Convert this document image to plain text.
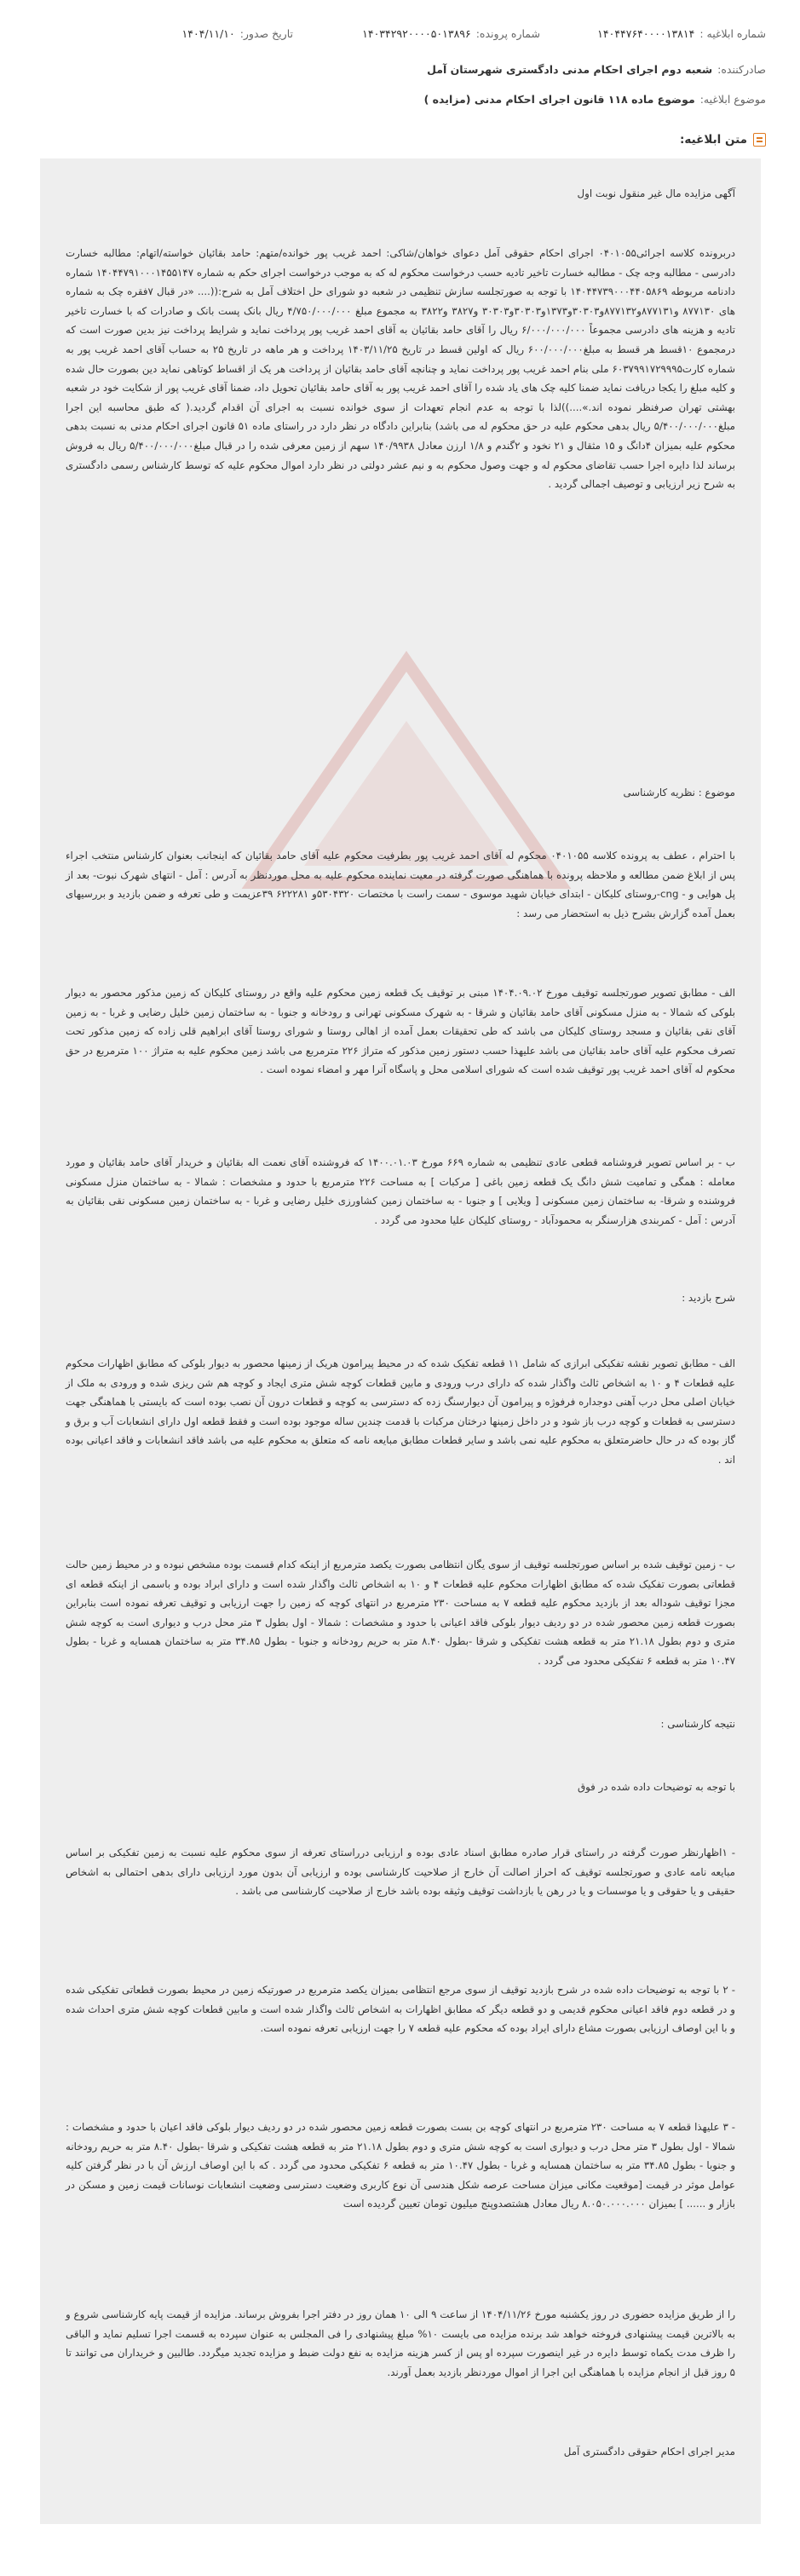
شماره ابلاغیه :
۱۴۰۴۴۷۶۴۰۰۰۰۱۳۸۱۴
شماره پرونده:
۱۴۰۳۴۲۹۲۰۰۰۰۵۰۱۳۸۹۶
تاریخ صدور:
۱۴۰۴/۱۱/۱۰
صادرکننده:
شعبه دوم اجرای احکام مدنی دادگستری شهرستان آمل
موضوع ابلاغیه:
موضوع ماده ۱۱۸ قانون اجرای احکام مدنی (مزایده )
متن ابلاغیه:
آگهی مزایده مال غیر منقول نوبت اول
دربرونده کلاسه اجرائی۰۴۰۱۰۵۵ اجرای احکام حقوقی آمل دعوای خواهان/شاکی: احمد غریب پور خوانده/متهم: حامد بقائیان خواسته/اتهام: مطالبه خسارت دادرسی - مطالبه وجه چک - مطالبه خسارت تاخیر تادیه حسب درخواست محکوم له که به موجب درخواست اجرای حکم به شماره ۱۴۰۴۴۷۹۱۰۰۰۱۴۵۵۱۴۷ شماره دادنامه مربوطه ۱۴۰۴۴۷۳۹۰۰۰۴۴۰۵۸۶۹ با توجه به صورتجلسه سازش تنظیمی در شعبه دو شورای حل اختلاف آمل به شرح:((.... «در قبال ۷فقره چک به شماره های ۸۷۷۱۳۰ و۸۷۷۱۳۱و۸۷۷۱۳۲و۳۰۳۰۳و۱۳۷۳و۳۰۳۰۳و۳۰۳۰۳ و۳۸۲۷ و۳۸۲۲ به مجموع مبلغ ۴/۷۵۰/۰۰۰/۰۰۰ ریال بانک پست بانک و صادرات که با خسارت تاخیر تادیه و هزینه های دادرسی مجموعاً ۶/۰۰۰/۰۰۰/۰۰۰ ریال را آقای حامد بقائیان به آقای احمد غریب پور پرداخت نماید و شرایط پرداخت نیز بدین صورت است که درمجموع ۱۰قسط هر قسط به مبلغ۶۰۰/۰۰۰/۰۰۰ ریال که اولین قسط در تاریخ ۱۴۰۳/۱۱/۲۵ پرداخت و هر ماهه در تاریخ ۲۵ به حساب آقای احمد غریب پور به شماره کارت۶۰۳۷۹۹۱۷۲۹۹۹۵ ملی بنام احمد غریب پور پرداخت نماید و چنانچه آقای حامد بقائیان از پرداخت هر یک از اقساط کوتاهی نماید دین بصورت حال شده و کلیه مبلغ را یکجا دریافت نماید ضمنا کلیه چک های یاد شده را آقای احمد غریب پور به آقای حامد بقائیان تحویل داد، ضمنا آقای غریب پور از شکایت خود در شعبه بهشتی تهران صرفنظر نموده اند.»....))لذا با توجه به عدم انجام تعهدات از سوی خوانده نسبت به اجرای آن اقدام گردید.( که طبق محاسبه این اجرا مبلغ۵/۴۰۰/۰۰۰/۰۰۰ ریال بدهی محکوم علیه در حق محکوم له می باشد) بنابراین دادگاه در نظر دارد در راستای ماده ۵۱ قانون اجرای احکام مدنی به نسبت بدهی محکوم علیه بمیزان ۴دانگ و ۱۵ مثقال و ۲۱ نخود و ۲گندم و ۱/۸ ارزن معادل ۱۴۰/۹۹۳۸ سهم از زمین معرفی شده را در قبال مبلغ۵/۴۰۰/۰۰۰/۰۰۰ ریال به فروش برساند لذا دایره اجرا حسب تقاضای محکوم له و جهت وصول محکوم به و نیم عشر دولتی در نظر دارد اموال محکوم علیه که توسط کارشناس رسمی دادگستری به شرح زیر ارزیابی و توصیف اجمالی گردید .
موضوع : نظریه کارشناسی
با احترام ، عطف به پرونده کلاسه ۰۴۰۱۰۵۵ محکوم له آقای احمد غریب پور بطرفیت محکوم علیه آقای حامد بقائیان که اینجانب بعنوان کارشناس منتخب اجراء پس از ابلاغ ضمن مطالعه و ملاحظه پرونده با هماهنگی صورت گرفته در معیت نماینده محکوم علیه به محل موردنظر به آدرس : آمل - انتهای شهرک نبوت- بعد از پل هوایی و - cng-روستای کلیکان - ابتدای خیابان شهید موسوی - سمت راست با مختصات ۵۳۰۴۳۲۰و ۶۲۲۲۸۱ ۳۹عزیمت و طی تعرفه و ضمن بازدید و بررسیهای بعمل آمده گزارش بشرح ذیل به استحضار می رسد :
الف - مطابق تصویر صورتجلسه توقیف مورخ ۱۴۰۴.۰۹.۰۲ مبنی بر توقیف یک قطعه زمین محکوم علیه واقع در روستای کلیکان که زمین مذکور محصور به دیوار بلوکی که شمالا - به منزل مسکونی آقای حامد بقائیان و شرقا - به شهرک مسکونی تهرانی و رودخانه و جنوبا - به ساختمان زمین خلیل رضایی و غربا - به زمین آقای نقی بقائیان و مسجد روستای کلیکان می باشد که طی تحقیقات بعمل آمده از اهالی روستا و شورای روستا آقای ابراهیم قلی زاده که زمین مذکور تحت تصرف محکوم علیه آقای حامد بقائیان می باشد علیهذا حسب دستور زمین مذکور که متراژ ۲۲۶ مترمربع می باشد زمین محکوم علیه به متراژ ۱۰۰ مترمربع در حق محکوم له آقای احمد غریب پور توقیف شده است که شورای اسلامی محل و پاسگاه آنرا مهر و امضاء نموده است .
ب - بر اساس تصویر فروشنامه قطعی عادی تنظیمی به شماره ۶۶۹ مورخ ۱۴۰۰.۰۱.۰۳ که فروشنده آقای نعمت اله بقائیان و خریدار آقای حامد بقائیان و مورد معامله : همگی و تمامیت شش دانگ یک قطعه زمین باغی [ مرکبات ] به مساحت ۲۲۶ مترمربع با حدود و مشخصات : شمالا - به ساختمان منزل مسکونی فروشنده و شرقا- به ساختمان زمین مسکونی [ ویلایی ] و جنوبا - به ساختمان زمین کشاورزی خلیل رضایی و غربا - به ساختمان زمین مسکونی نقی بقائیان به آدرس : آمل - کمربندی هزارسنگر به محمودآباد - روستای کلیکان علیا محدود می گردد .
شرح بازدید :
الف - مطابق تصویر نقشه تفکیکی ابرازی که شامل ۱۱ قطعه تفکیک شده که در محیط پیرامون هریک از زمینها محصور به دیوار بلوکی که مطابق اظهارات محکوم علیه قطعات ۴ و ۱۰ به اشخاص ثالث واگذار شده که دارای درب ورودی و مابین قطعات کوچه شش متری ایجاد و کوچه هم شن ریزی شده و ورودی به ملک از خیابان اصلی محل درب آهنی دوجداره فرفوژه و پیرامون آن دیوارسنگ زده که دسترسی به کوچه و قطعات درون آن نصب بوده است که بایستی با هماهنگی جهت دسترسی به قطعات و کوچه درب باز شود و در داخل زمینها درختان مرکبات با قدمت چندین ساله موجود بوده است و فقط قطعه اول دارای انشعابات آب و برق و گاز بوده که در حال حاضرمتعلق به محکوم علیه نمی باشد و سایر قطعات مطابق مبایعه نامه که متعلق به محکوم علیه می باشد فاقد انشعابات و فاقد اعیانی بوده اند .
ب - زمین توقیف شده بر اساس صورتجلسه توقیف از سوی یگان انتظامی بصورت یکصد مترمربع از اینکه کدام قسمت بوده مشخص نبوده و در محیط زمین حالت قطعاتی بصورت تفکیک شده که مطابق اظهارات محکوم علیه قطعات ۴ و ۱۰ به اشخاص ثالث واگذار شده است و دارای ابراد بوده و باسمی از اینکه قطعه ای مجزا توقیف شوداله بعد از بازدید محکوم علیه قطعه ۷ به مساحت ۲۳۰ مترمربع در انتهای کوچه که زمین را جهت ارزیابی و توقیف تعرفه نموده است بنابراین بصورت قطعه زمین محصور شده در دو ردیف دیوار بلوکی فاقد اعیانی با حدود و مشخصات : شمالا - اول بطول ۳ متر محل درب و دیواری است به کوچه شش متری و دوم بطول ۲۱.۱۸ متر به قطعه هشت تفکیکی و شرقا -بطول ۸.۴۰ متر به حریم رودخانه و جنوبا - بطول ۳۴.۸۵ متر به ساختمان همسایه و غربا - بطول ۱۰.۴۷ متر به قطعه ۶ تفکیکی محدود می گردد .
نتیجه کارشناسی :
با توجه به توضیحات داده شده در فوق
- ۱اظهارنظر صورت گرفته در راستای قرار صادره مطابق اسناد عادی بوده و ارزیابی درراستای تعرفه از سوی محکوم علیه نسبت به زمین تفکیکی بر اساس مبایعه نامه عادی و صورتجلسه توقیف که احراز اصالت آن خارج از صلاحیت کارشناسی بوده و ارزیابی آن بدون مورد ارزیابی دارای بدهی احتمالی به اشخاص حقیقی و یا حقوقی و یا موسسات و یا در رهن یا بازداشت توقیف وثیقه بوده باشد خارج از صلاحیت کارشناسی می باشد .
- ۲ با توجه به توضیحات داده شده در شرح بازدید توقیف از سوی مرجع انتظامی بمیزان یکصد مترمربع در صورتیکه زمین در محیط بصورت قطعاتی تفکیکی شده و در قطعه دوم فاقد اعیانی محکوم قدیمی و دو قطعه دیگر که مطابق اظهارات به اشخاص ثالث واگذار شده است و مابین قطعات کوچه شش متری احداث شده و با این اوصاف ارزیابی بصورت مشاع دارای ایراد بوده که محکوم علیه قطعه ۷ را جهت ارزیابی تعرفه نموده است.
- ۳ علیهذا قطعه ۷ به مساحت ۲۳۰ مترمربع در انتهای کوچه بن بست بصورت قطعه زمین محصور شده در دو ردیف دیوار بلوکی فاقد اعیان با حدود و مشخصات : شمالا - اول بطول ۳ متر محل درب و دیواری است به کوچه شش متری و دوم بطول ۲۱.۱۸ متر به قطعه هشت تفکیکی و شرقا -بطول ۸.۴۰ متر به حریم رودخانه و جنوبا - بطول ۳۴.۸۵ متر به ساختمان همسایه و غربا - بطول ۱۰.۴۷ متر به قطعه ۶ تفکیکی محدود می گردد . که با این اوصاف ارزش آن با در نظر گرفتن کلیه عوامل موثر در قیمت [موقعیت مکانی میزان مساحت عرصه شکل هندسی آن نوع کاربری وضعیت دسترسی وضعیت انشعابات نوسانات قیمت زمین و مسکن در بازار و ...... ] بمیزان ۸.۰۵۰.۰۰۰.۰۰۰ ریال معادل هشتصدوپنج میلیون تومان تعیین گردیده است
را از طریق مزایده حضوری در روز یکشنبه مورخ ۱۴۰۴/۱۱/۲۶ از ساعت ۹ الی ۱۰ همان روز در دفتر اجرا بفروش برساند. مزایده از قیمت پایه کارشناسی شروع و به بالاترین قیمت پیشنهادی فروخته خواهد شد برنده مزایده می بایست ۱۰% مبلغ پیشنهادی را فی المجلس به عنوان سپرده به قسمت اجرا تسلیم نماید و الباقی را ظرف مدت یکماه توسط دایره در غیر اینصورت سپرده او پس از کسر هزینه مزایده به نفع دولت ضبط و مزایده تجدید میگردد. طالبین و خریداران می توانند تا ۵ روز قبل از انجام مزایده با هماهنگی این اجرا از اموال موردنظر بازدید بعمل آورند.
مدیر اجرای احکام حقوقی دادگستری آمل
